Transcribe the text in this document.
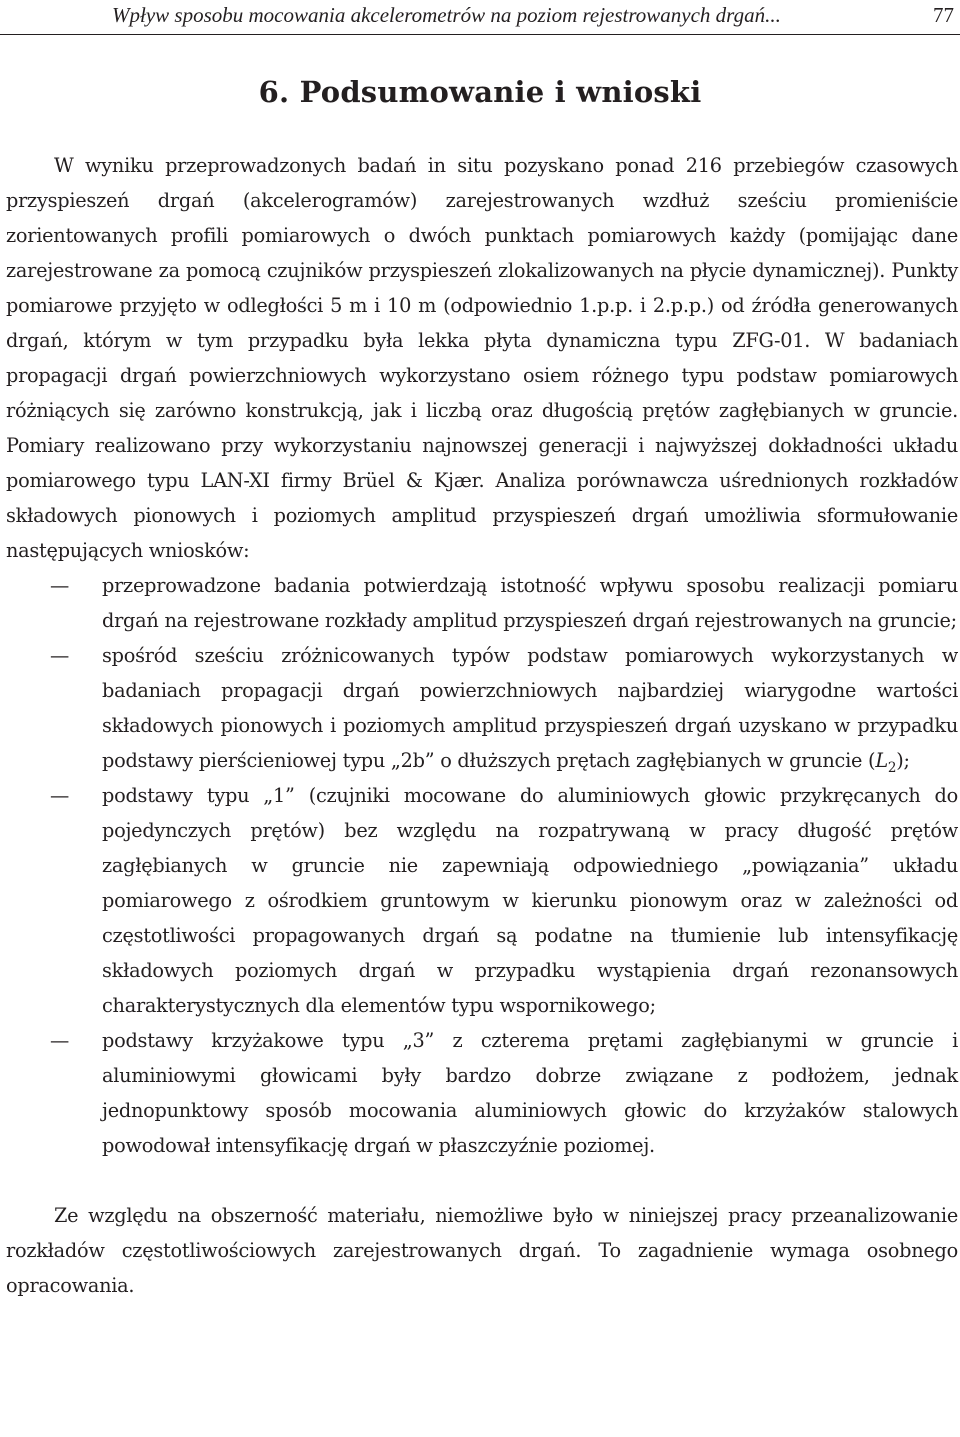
Wpływ sposobu mocowania akcelerometrów na poziom rejestrowanych drgań...	77
6. Podsumowanie i wnioski

W wyniku przeprowadzonych badań in situ pozyskano ponad 216 przebiegów czasowych przyspieszeń drgań (akcelerogramów) zarejestrowanych wzdłuż sześciu promieniście zorientowanych profili pomiarowych o dwóch punktach pomiarowych każdy (pomijając dane zarejestrowane za pomocą czujników przyspieszeń zlokalizowanych na płycie dynamicznej). Punkty pomiarowe przyjęto w odległości 5 m i 10 m (odpowiednio 1.p.p. i 2.p.p.) od źródła generowanych drgań, którym w tym przypadku była lekka płyta dynamiczna typu ZFG-01. W badaniach propagacji drgań powierzchniowych wykorzystano osiem różnego typu podstaw pomiarowych różniących się zarówno konstrukcją, jak i liczbą oraz długością prętów zagłębianych w gruncie. Pomiary realizowano przy wykorzystaniu najnowszej generacji i najwyższej dokładności układu pomiarowego typu LAN-XI firmy Brüel & Kjær. Analiza porównawcza uśrednionych rozkładów składowych pionowych i poziomych amplitud przyspieszeń drgań umożliwia sformułowanie następujących wniosków:

— przeprowadzone badania potwierdzają istotność wpływu sposobu realizacji pomiaru drgań na rejestrowane rozkłady amplitud przyspieszeń drgań rejestrowanych na gruncie;
— spośród sześciu zróżnicowanych typów podstaw pomiarowych wykorzystanych w badaniach propagacji drgań powierzchniowych najbardziej wiarygodne wartości składowych pionowych i poziomych amplitud przyspieszeń drgań uzyskano w przypadku podstawy pierścieniowej typu „2b” o dłuższych prętach zagłębianych w gruncie $(L_2)$;
— podstawy typu „1” (czujniki mocowane do aluminiowych głowic przykręcanych do pojedynczych prętów) bez względu na rozpatrywaną w pracy długość prętów zagłębianych w gruncie nie zapewniają odpowiedniego „powiązania” układu pomiarowego z ośrodkiem gruntowym w kierunku pionowym oraz w zależności od częstotliwości propagowanych drgań są podatne na tłumienie lub intensyfikację składowych poziomych drgań w przypadku wystąpienia drgań rezonansowych charakterystycznych dla elementów typu wspornikowego;
— podstawy krzyżakowe typu „3” z czterema prętami zagłębianymi w gruncie i aluminiowymi głowicami były bardzo dobrze związane z podłożem, jednak jednopunktowy sposób mocowania aluminiowych głowic do krzyżaków stalowych powodował intensyfikację drgań w płaszczyźnie poziomej.

Ze względu na obszerność materiału, niemożliwe było w niniejszej pracy przeanalizowanie rozkładów częstotliwościowych zarejestrowanych drgań. To zagadnienie wymaga osobnego opracowania.
